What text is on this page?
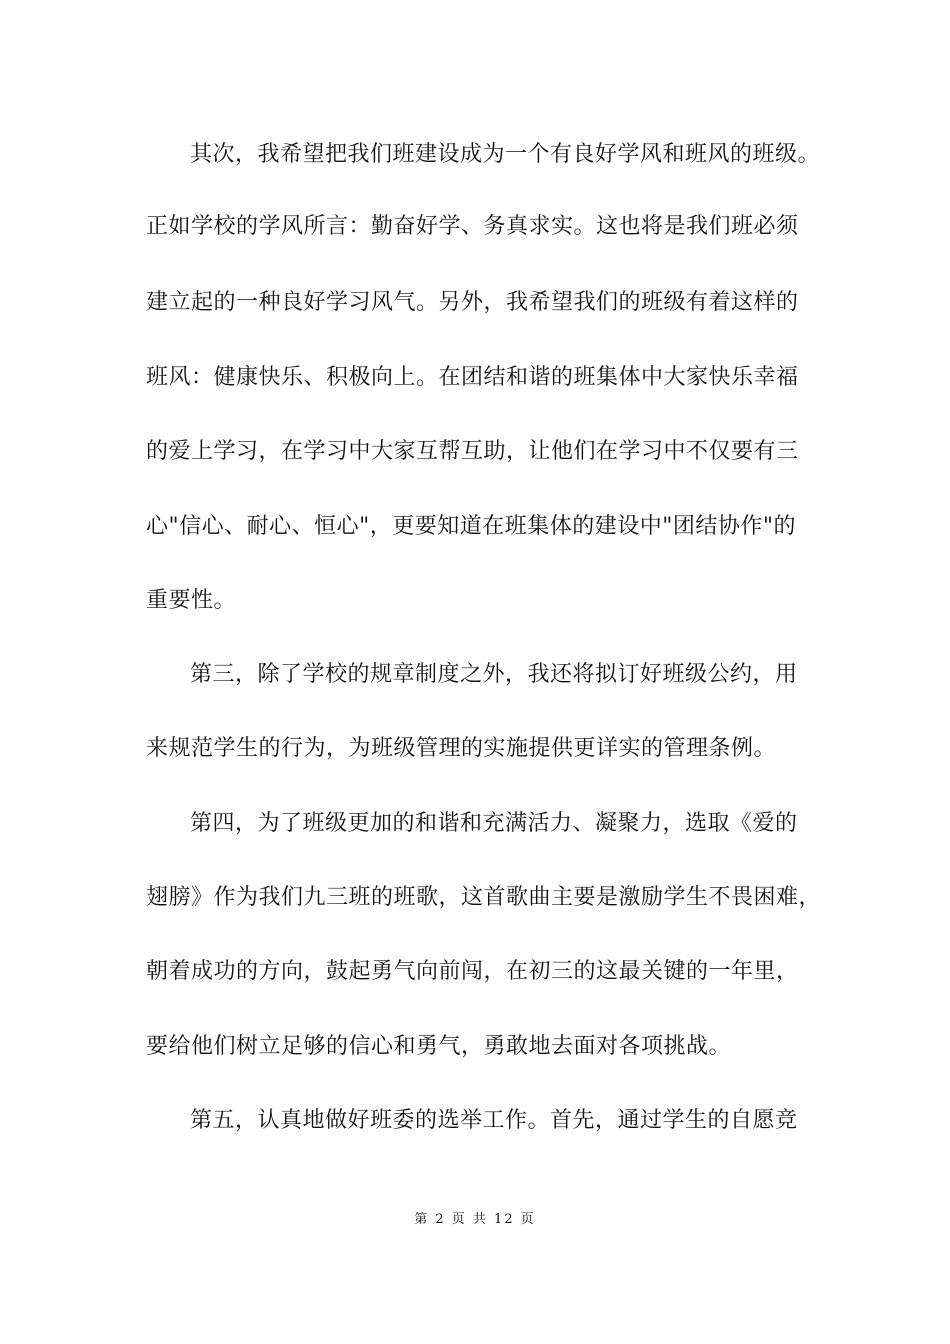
其次，我希望把我们班建设成为一个有良好学风和班风的班级。
正如学校的学风所言：勤奋好学、务真求实。这也将是我们班必须
建立起的一种良好学习风气。另外，我希望我们的班级有着这样的
班风：健康快乐、积极向上。在团结和谐的班集体中大家快乐幸福
的爱上学习，在学习中大家互帮互助，让他们在学习中不仅要有三
心"信心、耐心、恒心"，更要知道在班集体的建设中"团结协作"的
重要性。
第三，除了学校的规章制度之外，我还将拟订好班级公约，用
来规范学生的行为，为班级管理的实施提供更详实的管理条例。
第四，为了班级更加的和谐和充满活力、凝聚力，选取《爱的
翅膀》作为我们九三班的班歌，这首歌曲主要是激励学生不畏困难，
朝着成功的方向，鼓起勇气向前闯，在初三的这最关键的一年里，
要给他们树立足够的信心和勇气，勇敢地去面对各项挑战。
第五，认真地做好班委的选举工作。首先，通过学生的自愿竞
第 2 页 共 12 页
